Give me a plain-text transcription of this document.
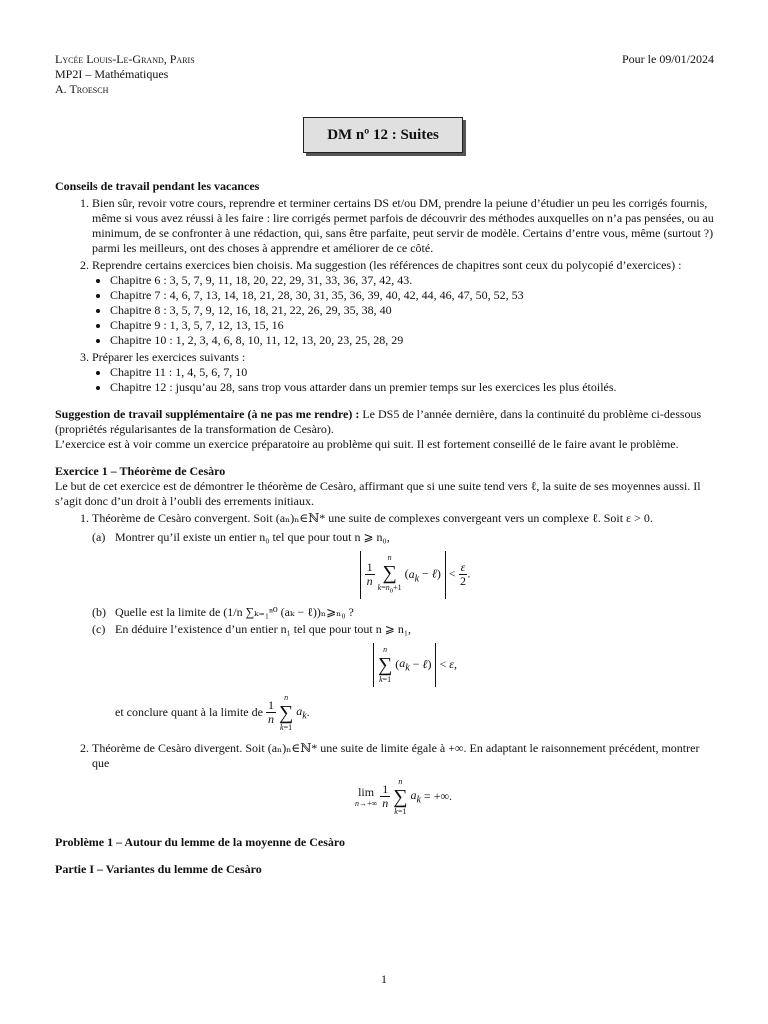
Lycée Louis-Le-Grand, Paris
MP2I – Mathématiques
A. Troesch
Pour le 09/01/2024
DM nº 12 : Suites
Conseils de travail pendant les vacances
1. Bien sûr, revoir votre cours, reprendre et terminer certains DS et/ou DM, prendre la peiune d’étudier un peu les corrigés fournis, même si vous avez réussi à les faire : lire corrigés permet parfois de découvrir des méthodes auxquelles on n’a pas pensées, ou au minimum, de se confronter à une rédaction, qui, sans être parfaite, peut servir de modèle. Certains d’entre vous, même (surtout ?) parmi les meilleurs, ont des choses à apprendre et améliorer de ce côté.
2. Reprendre certains exercices bien choisis. Ma suggestion (les références de chapitres sont ceux du polycopié d’exercices) :
• Chapitre 6 : 3, 5, 7, 9, 11, 18, 20, 22, 29, 31, 33, 36, 37, 42, 43.
• Chapitre 7 : 4, 6, 7, 13, 14, 18, 21, 28, 30, 31, 35, 36, 39, 40, 42, 44, 46, 47, 50, 52, 53
• Chapitre 8 : 3, 5, 7, 9, 12, 16, 18, 21, 22, 26, 29, 35, 38, 40
• Chapitre 9 : 1, 3, 5, 7, 12, 13, 15, 16
• Chapitre 10 : 1, 2, 3, 4, 6, 8, 10, 11, 12, 13, 20, 23, 25, 28, 29
3. Préparer les exercices suivants :
• Chapitre 11 : 1, 4, 5, 6, 7, 10
• Chapitre 12 : jusqu’au 28, sans trop vous attarder dans un premier temps sur les exercices les plus étoilés.

Suggestion de travail supplémentaire (à ne pas me rendre) : Le DS5 de l’année dernière, dans la continuité du problème ci-dessous (propriétés régularisantes de la transformation de Cesàro).

L’exercice est à voir comme un exercice préparatoire au problème qui suit. Il est fortement conseillé de le faire avant le problème.

Exercice 1 – Théorème de Cesàro

Le but de cet exercice est de démontrer le théorème de Cesàro, affirmant que si une suite tend vers ℓ, la suite de ses moyennes aussi. Il s’agit donc d’un droit à l’oubli des errements initiaux.

1. Théorème de Cesàro convergent. Soit (aₙ)ₙ∈ℕ* une suite de complexes convergeant vers un complexe ℓ. Soit ε > 0.
(a) Montrer qu’il existe un entier n₀ tel que pour tout n ⩾ n₀,
$\frac{1}{n}$

n
∑
$k=n_0+1$
($a_k$ − ℓ) < $\frac{\varepsilon}{2}$ .
(b) Quelle est la limite de (1/n ∑ₖ₌₁ⁿ⁰ (aₖ − ℓ))ₙ⩾ₙ₀ ?
(c) En déduire l’existence d’un entier n₁ tel que pour tout n ⩾ n₁,
n
∑
k=1
($a_k$ − ℓ) < ε,
et conclure quant à la limite de $\frac{1}{n}$

n
∑
k=1
$a_k$.
2. Théorème de Cesàro divergent. Soit (aₙ)ₙ∈ℕ* une suite de limite égale à +∞. En adaptant le raisonnement précédent, montrer que
lim
n→+∞
$\frac{1}{n}$

n
∑
k=1
$a_k$ = +∞.
Problème 1 – Autour du lemme de la moyenne de Cesàro
Partie I – Variantes du lemme de Cesàro
1
